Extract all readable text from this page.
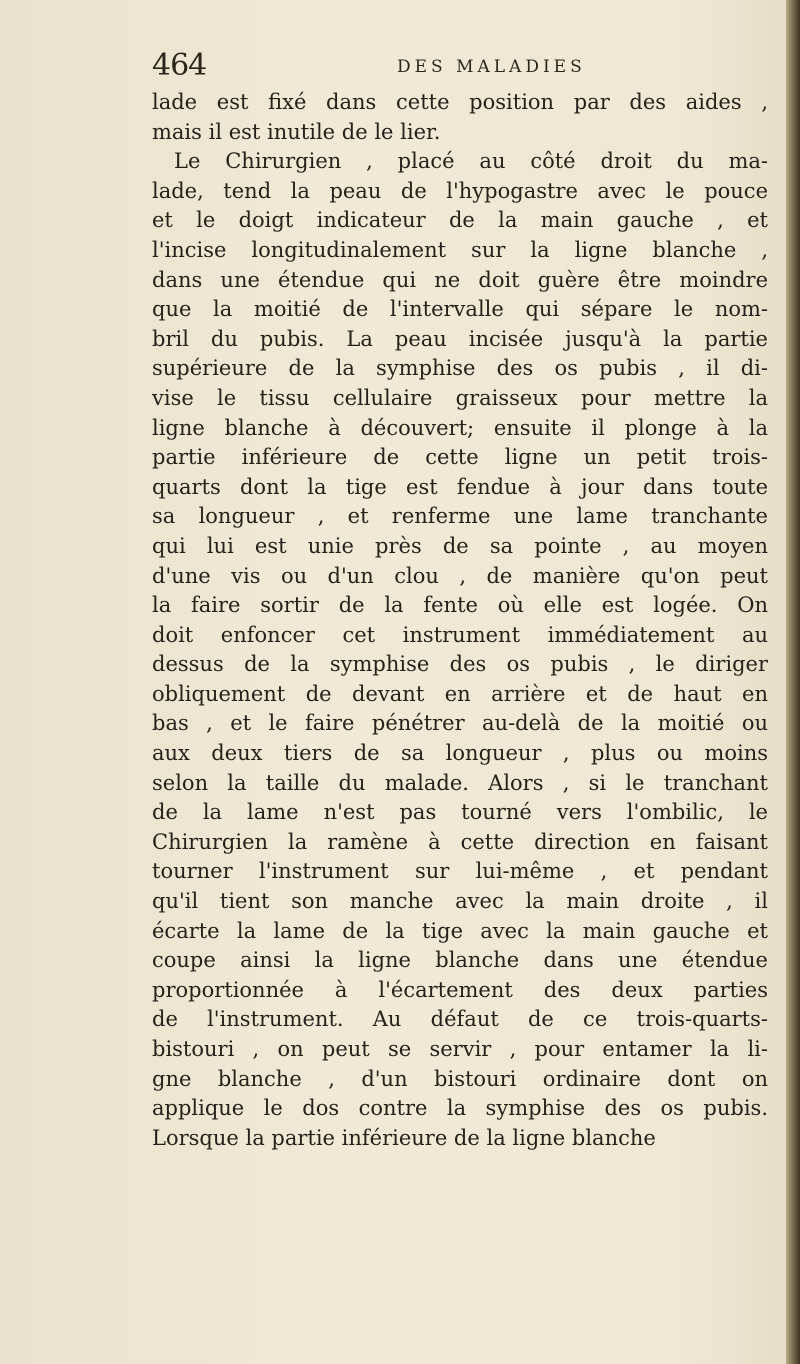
464	DES MALADIES
lade est fixé dans cette position par des aides ,
mais il est inutile de le lier.
Le Chirurgien , placé au côté droit du ma-
lade, tend la peau de l'hypogastre avec le pouce
et le doigt indicateur de la main gauche , et
l'incise longitudinalement sur la ligne blanche ,
dans une étendue qui ne doit guère être moindre
que la moitié de l'intervalle qui sépare le nom-
bril du pubis. La peau incisée jusqu'à la partie
supérieure de la symphise des os pubis , il di-
vise le tissu cellulaire graisseux pour mettre la
ligne blanche à découvert; ensuite il plonge à la
partie inférieure de cette ligne un petit trois-
quarts dont la tige est fendue à jour dans toute
sa longueur , et renferme une lame tranchante
qui lui est unie près de sa pointe , au moyen
d'une vis ou d'un clou , de manière qu'on peut
la faire sortir de la fente où elle est logée. On
doit enfoncer cet instrument immédiatement au
dessus de la symphise des os pubis , le diriger
obliquement de devant en arrière et de haut en
bas , et le faire pénétrer au-delà de la moitié ou
aux deux tiers de sa longueur , plus ou moins
selon la taille du malade. Alors , si le tranchant
de la lame n'est pas tourné vers l'ombilic, le
Chirurgien la ramène à cette direction en faisant
tourner l'instrument sur lui-même , et pendant
qu'il tient son manche avec la main droite , il
écarte la lame de la tige avec la main gauche et
coupe ainsi la ligne blanche dans une étendue
proportionnée à l'écartement des deux parties
de l'instrument. Au défaut de ce trois-quarts-
bistouri , on peut se servir , pour entamer la li-
gne blanche , d'un bistouri ordinaire dont on
applique le dos contre la symphise des os pubis.
Lorsque la partie inférieure de la ligne blanche
